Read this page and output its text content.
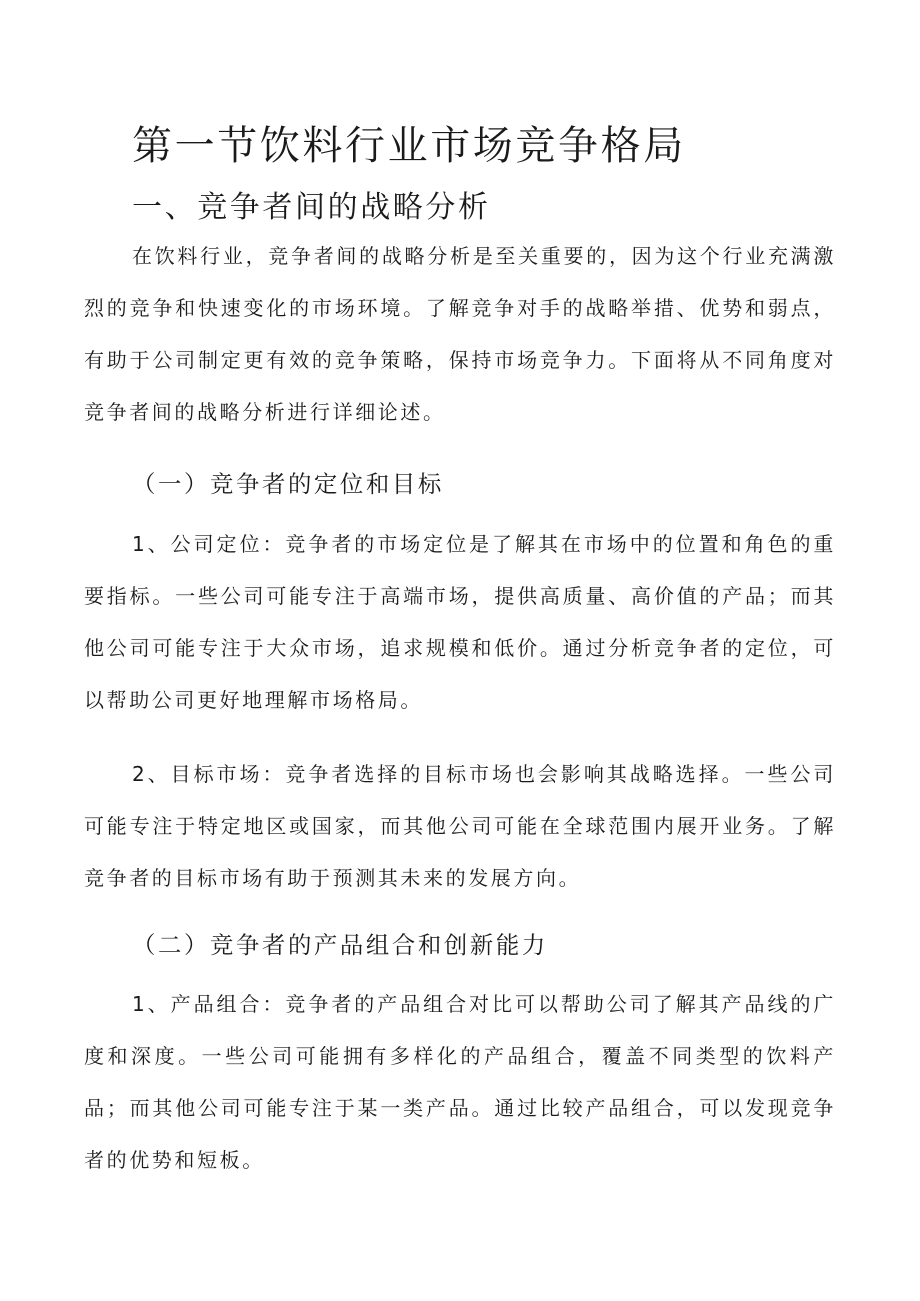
第一节饮料行业市场竞争格局
一、竞争者间的战略分析

在饮料行业，竞争者间的战略分析是至关重要的，因为这个行业充满激烈的竞争和快速变化的市场环境。了解竞争对手的战略举措、优势和弱点，有助于公司制定更有效的竞争策略，保持市场竞争力。下面将从不同角度对竞争者间的战略分析进行详细论述。

（一）竞争者的定位和目标

1、公司定位：竞争者的市场定位是了解其在市场中的位置和角色的重要指标。一些公司可能专注于高端市场，提供高质量、高价值的产品；而其他公司可能专注于大众市场，追求规模和低价。通过分析竞争者的定位，可以帮助公司更好地理解市场格局。

2、目标市场：竞争者选择的目标市场也会影响其战略选择。一些公司可能专注于特定地区或国家，而其他公司可能在全球范围内展开业务。了解竞争者的目标市场有助于预测其未来的发展方向。

（二）竞争者的产品组合和创新能力

1、产品组合：竞争者的产品组合对比可以帮助公司了解其产品线的广度和深度。一些公司可能拥有多样化的产品组合，覆盖不同类型的饮料产品；而其他公司可能专注于某一类产品。通过比较产品组合，可以发现竞争者的优势和短板。
